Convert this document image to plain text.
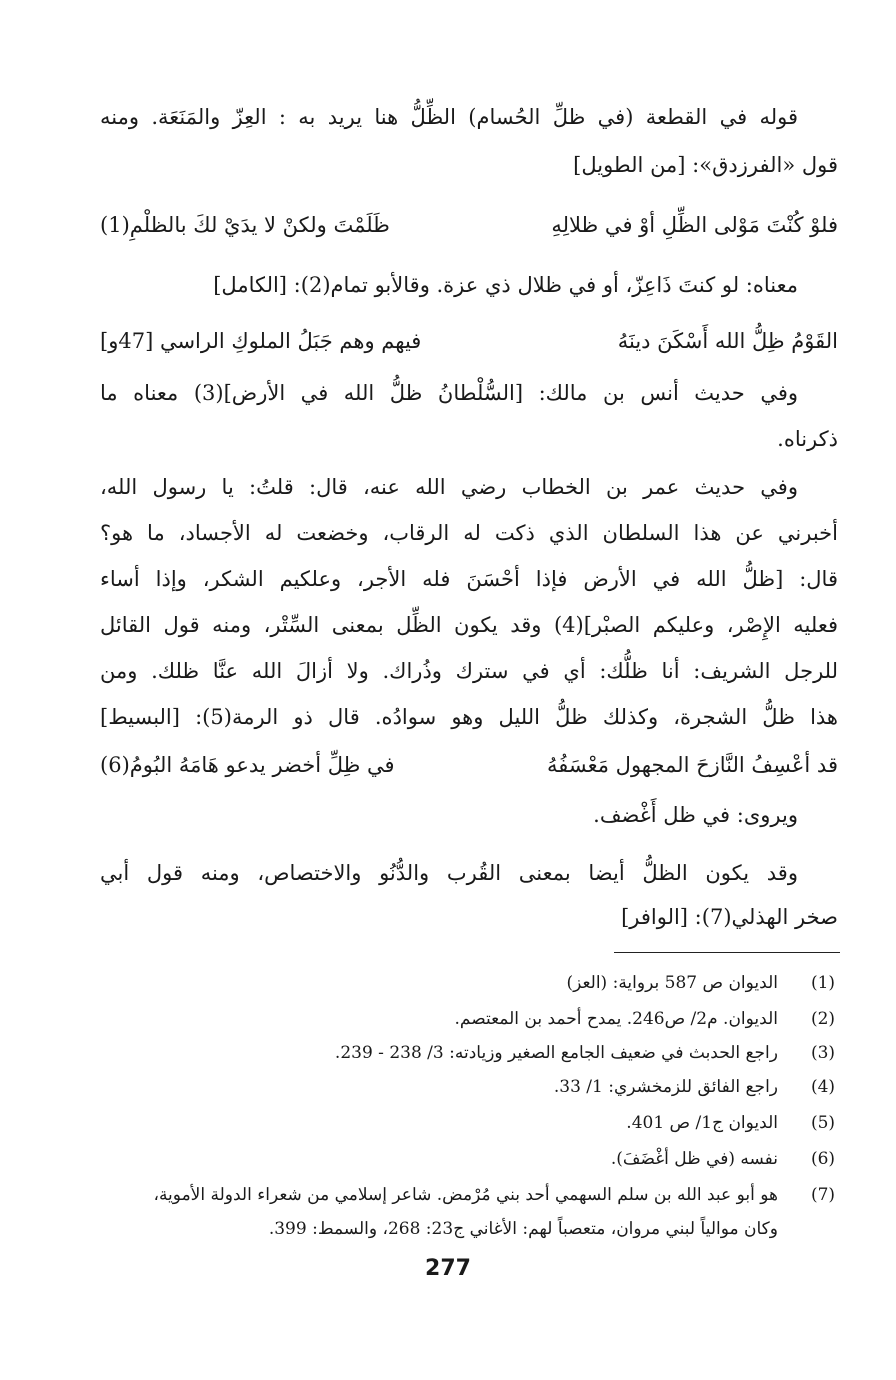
قوله في القطعة (في ظلِّ الحُسام) الظِّلُّ هنا يريد به : العِزّ والمَنَعَة. ومنه
قول «الفرزدق»: [من الطويل]
فلوْ كُنْتَ مَوْلى الظِّلِ أوْ في ظلالِهِ
ظَلَمْتَ ولكنْ لا يدَيْ لكَ بالظلْمِ(1)
معناه: لو كنتَ ذَاعِزّ، أو في ظلال ذي عزة. وقالأبو تمام(2): [الكامل]
القَوْمُ ظِلُّ الله أَسْكَنَ دينَهُ
فيهم وهم جَبَلُ الملوكِ الراسي [47و]
وفي حديث أنس بن مالك: [السُّلْطانُ ظلُّ الله في الأرض](3) معناه ما
ذكرناه.
وفي حديث عمر بن الخطاب رضي الله عنه، قال: قلتُ: يا رسول الله،
أخبرني عن هذا السلطان الذي ذكت له الرقاب، وخضعت له الأجساد، ما هو؟
قال: [ظلُّ الله في الأرض فإذا أحْسَنَ فله الأجر، وعلكيم الشكر، وإذا أساء
فعليه الإِصْر، وعليكم الصبْر](4) وقد يكون الظِّل بمعنى السِّتْر، ومنه قول القائل
للرجل الشريف: أنا ظلُّك: أي في سترك وذُراك. ولا أزالَ الله عنَّا ظلك. ومن
هذا ظلُّ الشجرة، وكذلك ظلُّ الليل وهو سوادُه. قال ذو الرمة(5): [البسيط]
قد أعْسِفُ النَّازحَ المجهول مَعْسَفُهُ
في ظِلِّ أخضر يدعو هَامَهُ البُومُ(6)
ويروى: في ظل أَغْضف.
وقد يكون الظلُّ أيضا بمعنى القُرب والدُّنُو والاختصاص، ومنه قول أبي
صخر الهذلي(7): [الوافر]
(1)
الديوان ص 587 برواية: (العز)
(2)
الديوان. م2/ ص246. يمدح أحمد بن المعتصم.
(3)
راجع الحدبث في ضعيف الجامع الصغير وزيادته: 3/ 238 - 239.
(4)
راجع الفائق للزمخشري: 1/ 33.
(5)
الديوان ج1/ ص 401.
(6)
نفسه (في ظل أغْضَفَ).
(7)
هو أبو عبد الله بن سلم السهمي أحد بني مُرْمض. شاعر إسلامي من شعراء الدولة الأموية،
وكان موالياً لبني مروان، متعصباً لهم: الأغاني ج23: 268، والسمط: 399.
277
